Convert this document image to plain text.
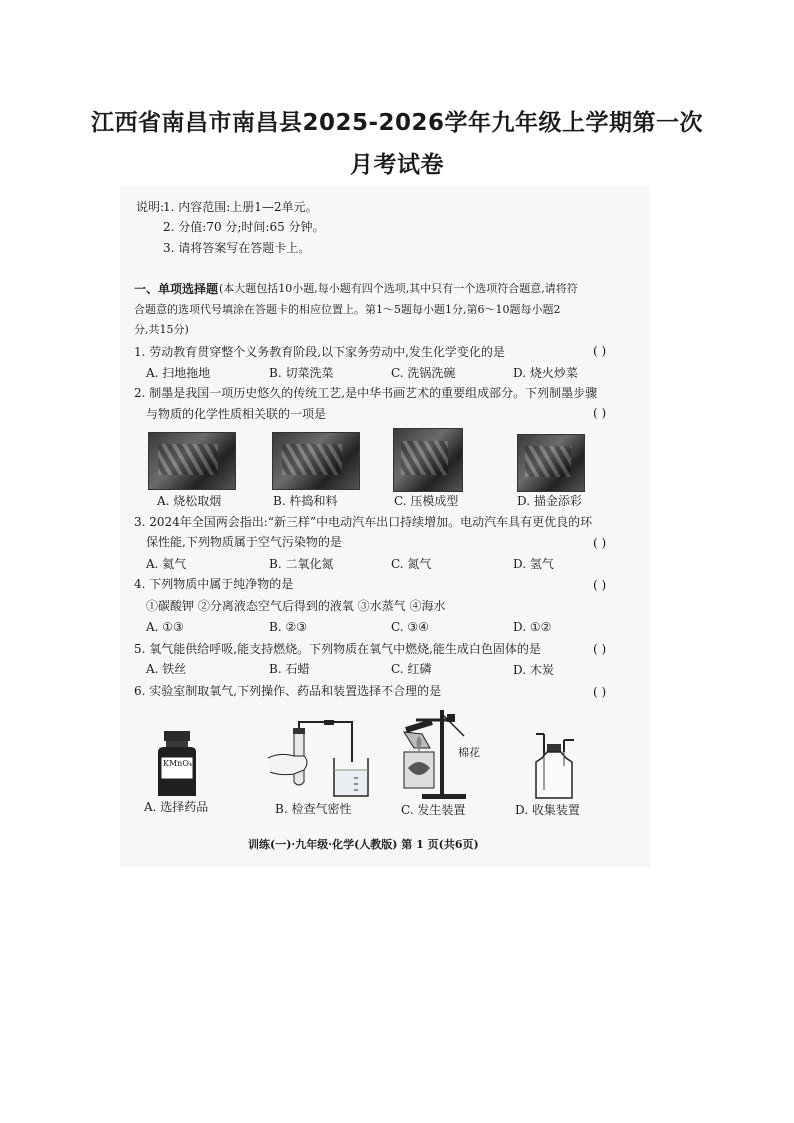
江西省南昌市南昌县2025-2026学年九年级上学期第一次
月考试卷
说明:
1. 内容范围:上册1—2单元。
2. 分值:70 分;时间:65 分钟。
3. 请将答案写在答题卡上。
一、单项选择题 (本大题包括10小题,每小题有四个选项,其中只有一个选项符合题意,请将符
合题意的选项代号填涂在答题卡的相应位置上。第1～5题每小题1分,第6～10题每小题2
分,共15分)
1. 劳动教育贯穿整个义务教育阶段,以下家务劳动中,发生化学变化的是	( )
A. 扫地拖地	B. 切菜洗菜	C. 洗锅洗碗	D. 烧火炒菜
2. 制墨是我国一项历史悠久的传统工艺,是中华书画艺术的重要组成部分。下列制墨步骤
与物质的化学性质相关联的一项是	( )
A. 烧松取烟	B. 杵捣和料	C. 压模成型	D. 描金添彩
3. 2024年全国两会指出:“新三样”中电动汽车出口持续增加。电动汽车具有更优良的环
保性能,下列物质属于空气污染物的是	( )
A. 氦气	B. 二氧化氮	C. 氮气	D. 氢气
4. 下列物质中属于纯净物的是	( )
①碳酸钾 ②分离液态空气后得到的液氧 ③水蒸气 ④海水
A. ①③	B. ②③	C. ③④	D. ①②
5. 氧气能供给呼吸,能支持燃烧。下列物质在氧气中燃烧,能生成白色固体的是	( )
A. 铁丝	B. 石蜡	C. 红磷	D. 木炭
6. 实验室制取氧气,下列操作、药品和装置选择不合理的是	( )
KMnO₄
棉花
A. 选择药品	B. 检查气密性	C. 发生装置	D. 收集装置
训练(一)·九年级·化学(人教版) 第 1 页(共6页)
